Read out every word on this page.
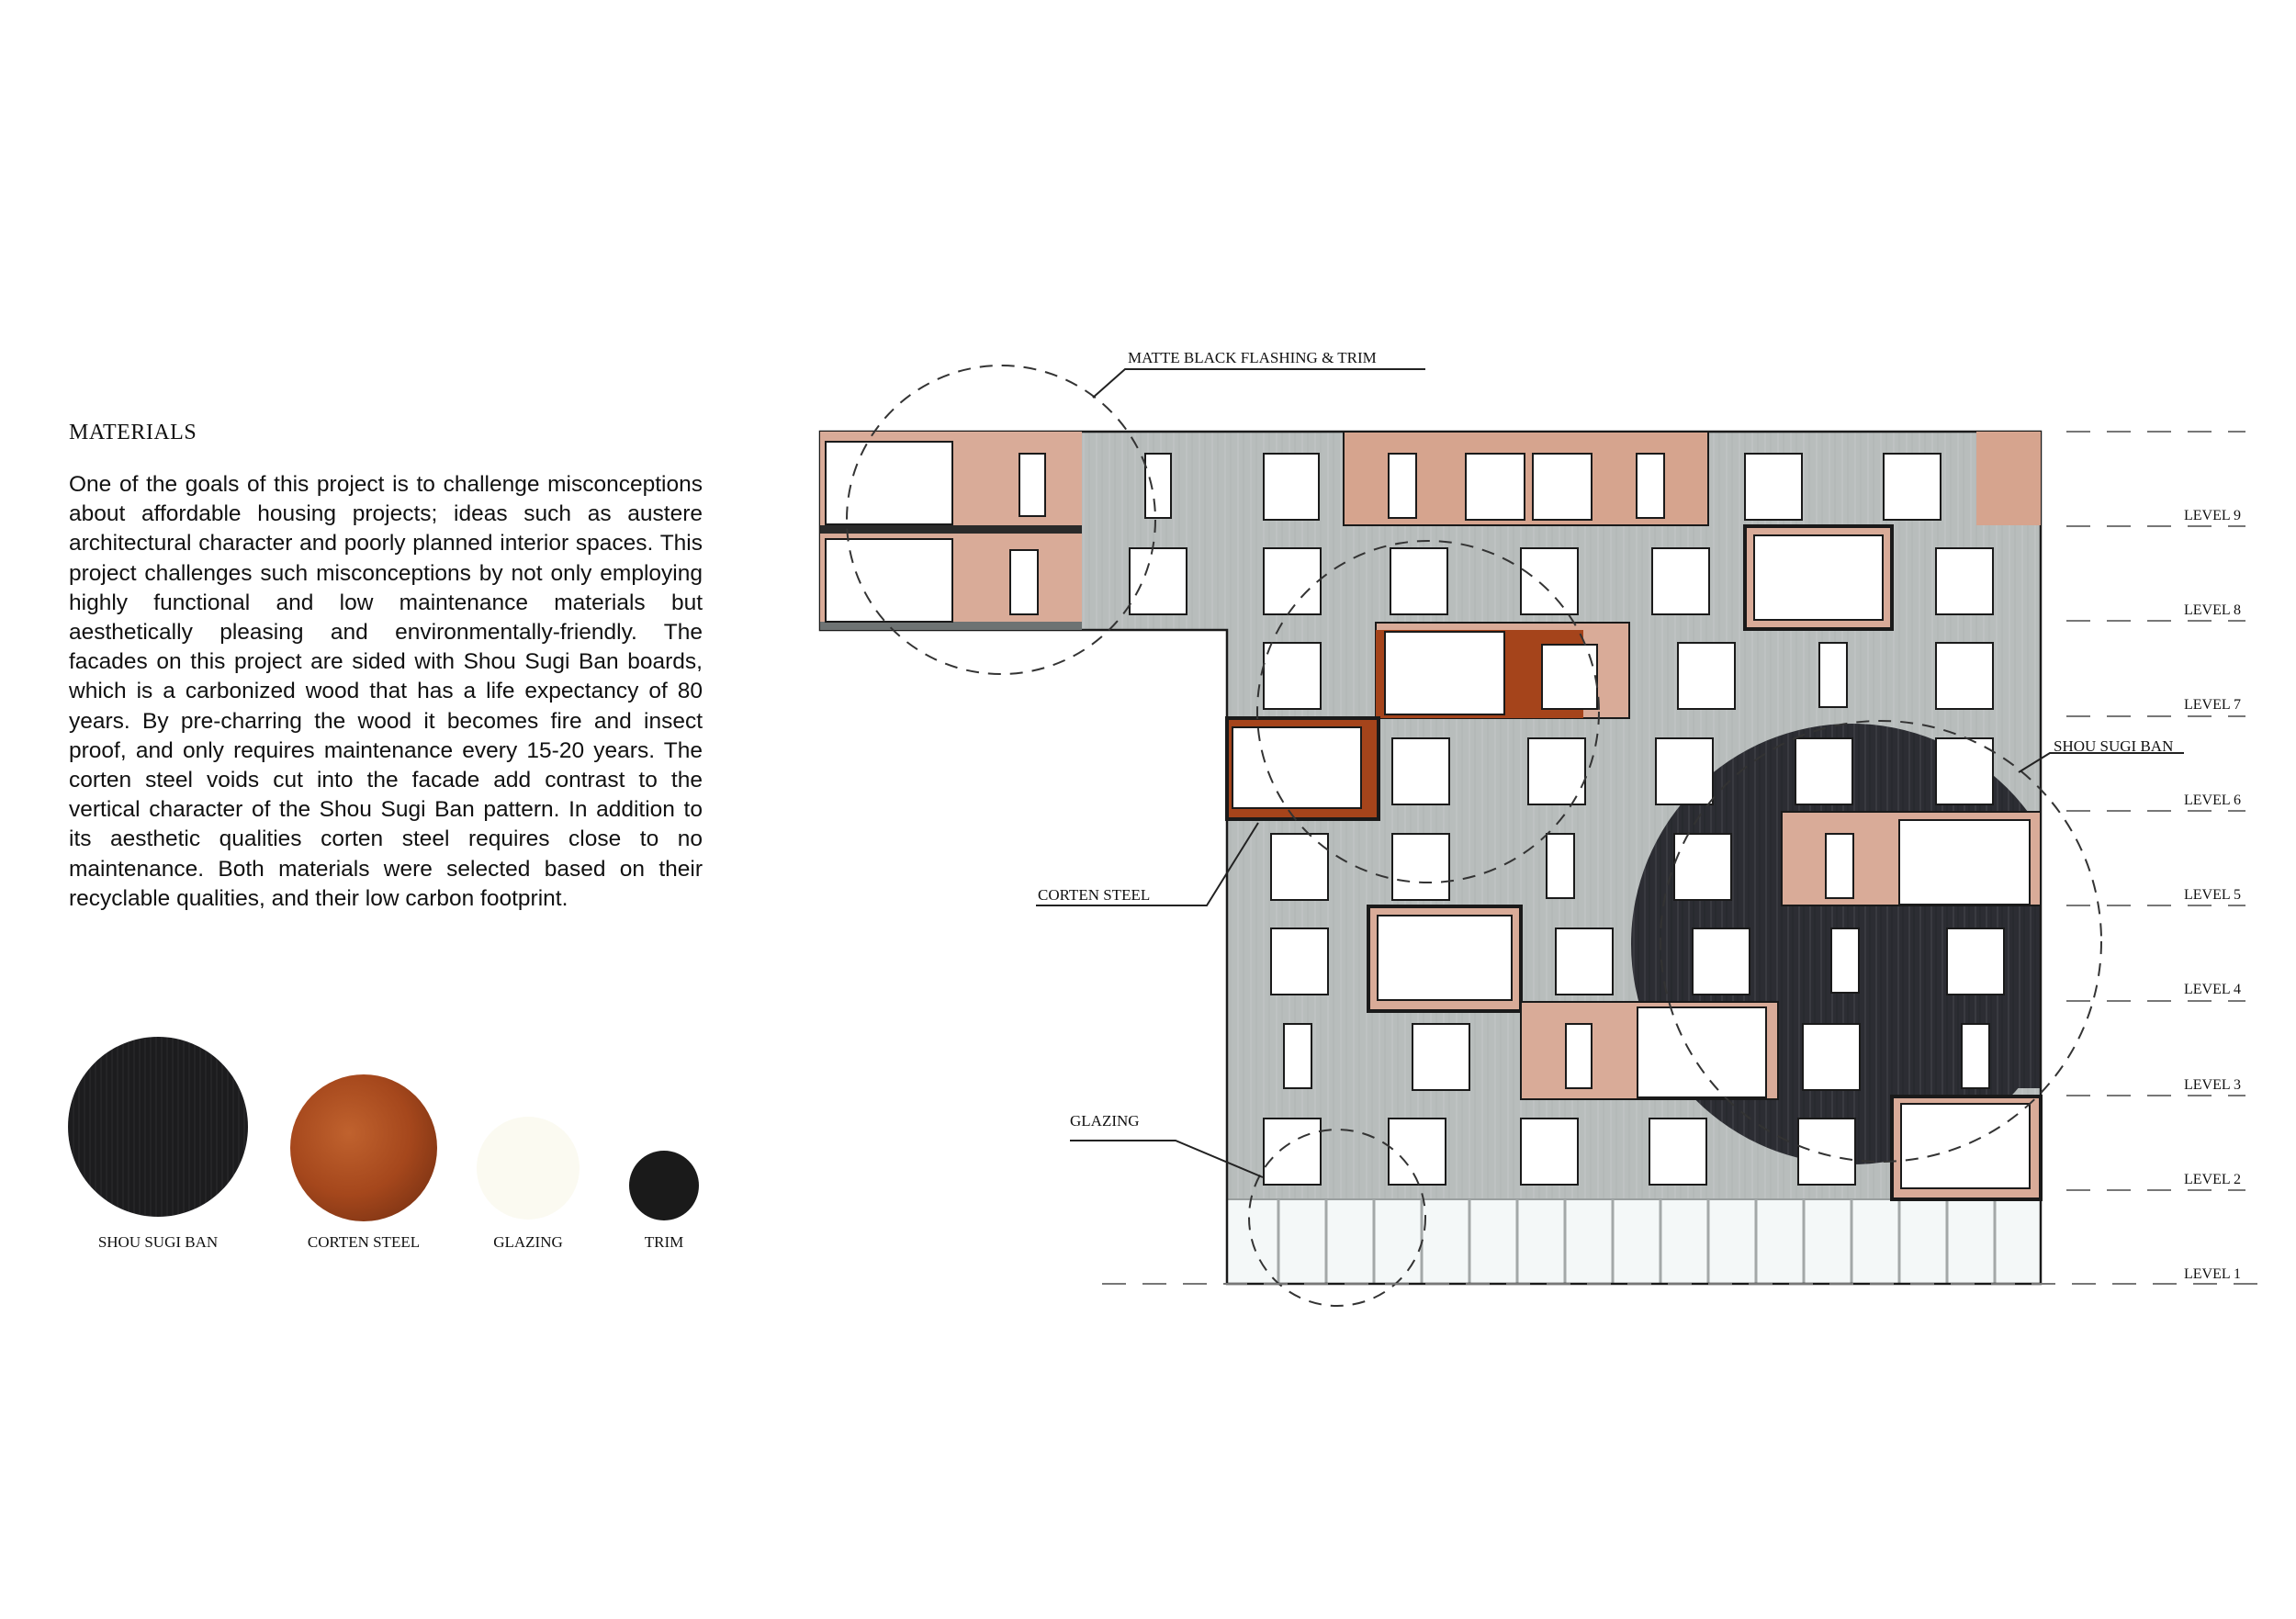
MATERIALS

One of the goals of this project is to challenge misconceptions about affordable housing projects; ideas such as austere architectural character and poorly planned interior spaces. This project challenges such misconceptions by not only employing highly functional and low maintenance materials but aesthetically pleasing and environmentally-friendly. The facades on this project are sided with Shou Sugi Ban boards, which is a carbonized wood that has a life expectancy of 80 years. By pre-charring the wood it becomes fire and insect proof, and only requires maintenance every 15-20 years. The corten steel voids cut into the facade add contrast to the vertical character of the Shou Sugi Ban pattern. In addition to its aesthetic qualities corten steel requires close to no maintenance. Both materials were selected based on their recyclable qualities, and their low carbon footprint.

SHOU SUGI BAN	CORTEN STEEL	GLAZING	TRIM
MATTE BLACK FLASHING & TRIM
SHOU SUGI BAN
CORTEN STEEL
GLAZING
LEVEL 9
LEVEL 8
LEVEL 7
LEVEL 6
LEVEL 5
LEVEL 4
LEVEL 3
LEVEL 2
LEVEL 1
